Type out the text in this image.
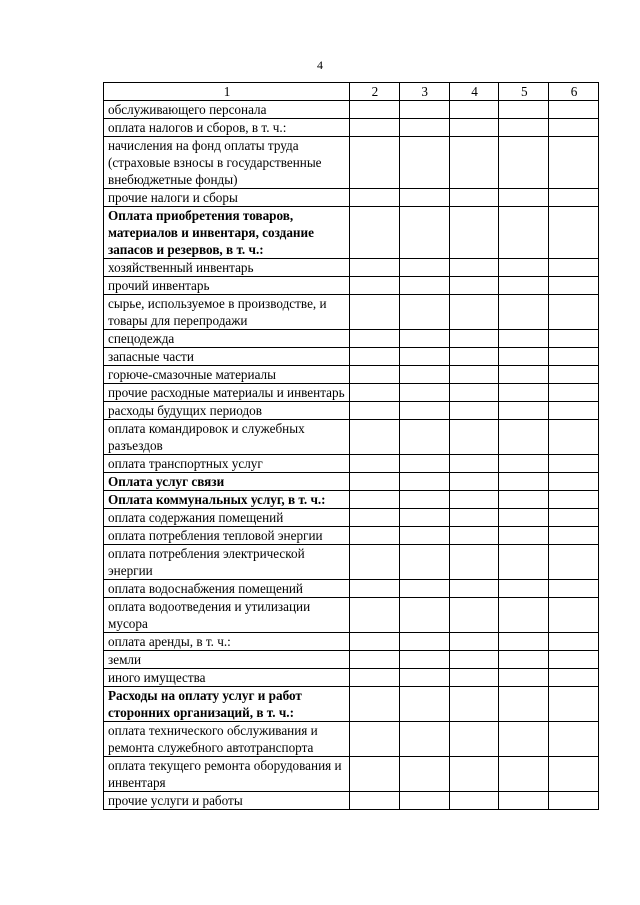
4
1	2	3	4	5	6
обслуживающего персонала					
оплата налогов и сборов, в т. ч.:					
начисления на фонд оплаты труда (страховые взносы в государственные внебюджетные фонды)					
прочие налоги и сборы					
Оплата приобретения товаров, материалов и инвентаря, создание запасов и резервов, в т. ч.:					
хозяйственный инвентарь					
прочий инвентарь					
сырье, используемое в производстве, и товары для перепродажи					
спецодежда					
запасные части					
горюче-смазочные материалы					
прочие расходные материалы и инвентарь					
расходы будущих периодов					
оплата командировок и служебных разъездов					
оплата транспортных услуг					
Оплата услуг связи					
Оплата коммунальных услуг, в т. ч.:					
оплата содержания помещений					
оплата потребления тепловой энергии					
оплата потребления электрической энергии					
оплата водоснабжения помещений					
оплата водоотведения и утилизации мусора					
оплата аренды, в т. ч.:					
земли					
иного имущества					
Расходы на оплату услуг и работ сторонних организаций, в т. ч.:					
оплата технического обслуживания и ремонта служебного автотранспорта					
оплата текущего ремонта оборудования и инвентаря					
прочие услуги и работы					
